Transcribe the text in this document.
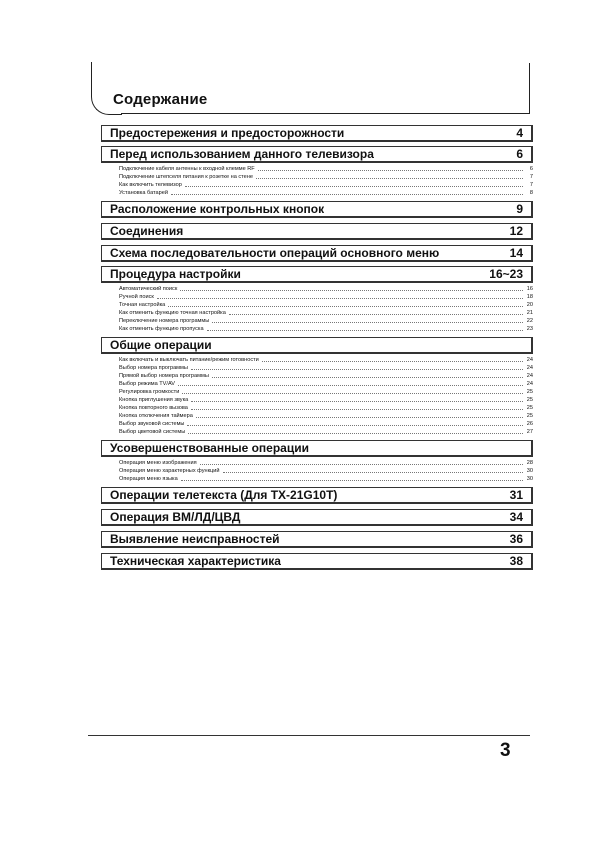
Содержание
Предостережения и предосторожности	4
Перед использованием данного телевизора	6
Подключение кабеля антенны к входной клемме RF	6
Подключение штепселя питания к розетке на стене	7
Как включить телевизор	7
Установка батарей	8
Расположение контрольных кнопок	9
Соединения	12
Схема последовательности операций основного меню	14
Процедура настройки	16~23
Автоматический поиск	16
Ручной поиск	18
Точная настройка	20
Как отменить функцию точная настройка	21
Переключение номера программы	22
Как отменить функцию пропуска	23
Общие операции
Как включать и выключать питание/режим готовности	24
Выбор номера программы	24
Прямой выбор номера программы	24
Выбор режима TV/AV	24
Регулировка громкости	25
Кнопка приглушения звука	25
Кнопка повторного вызова	25
Кнопка отключения таймера	25
Выбор звуковой системы	26
Выбор цветовой системы	27
Усовершенствованные операции
Операция меню изображения	28
Операция меню характерных функций	30
Операция меню языка	30
Операции телетекста (Для TX-21G10T)	31
Операция ВМ/ЛД/ЦВД	34
Выявление неисправностей	36
Техническая характеристика	38
3
